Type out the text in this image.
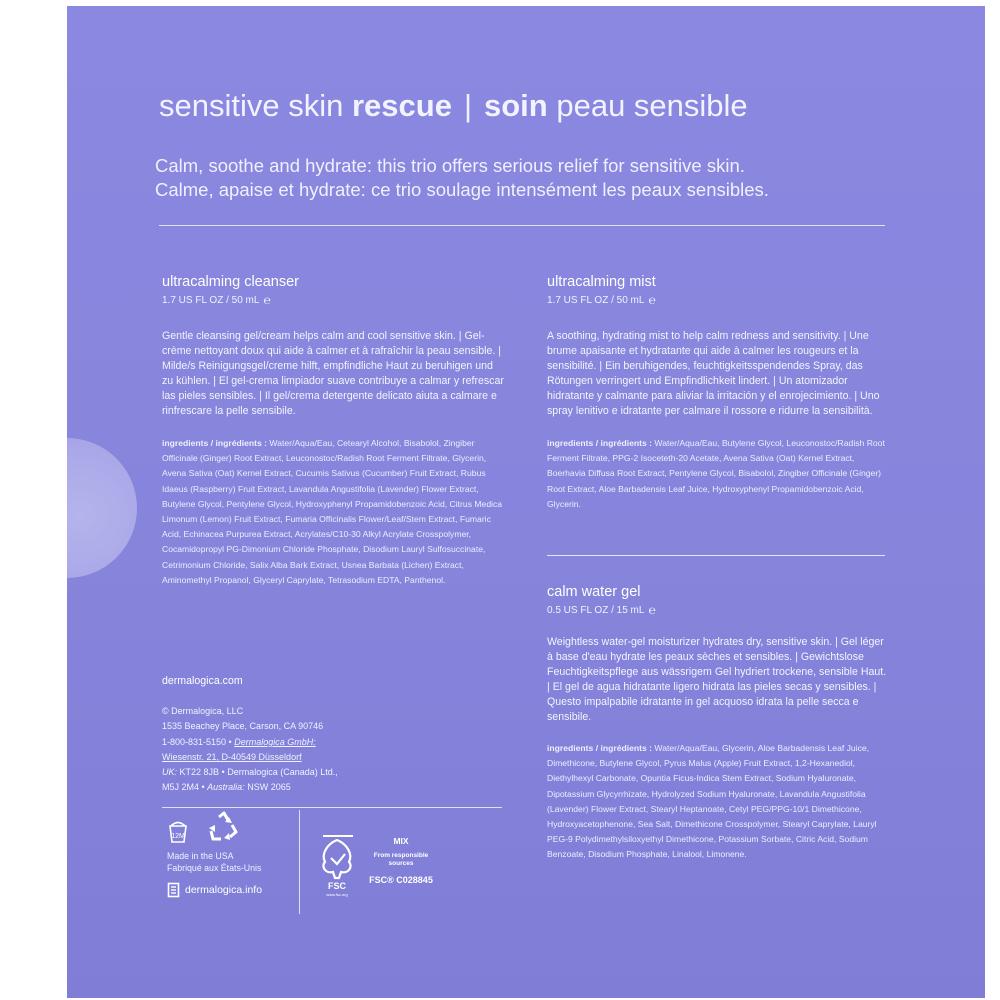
sensitive skin rescue | soin peau sensible
Calm, soothe and hydrate: this trio offers serious relief for sensitive skin.
Calme, apaise et hydrate: ce trio soulage intensément les peaux sensibles.
ultracalming cleanser
1.7 US FL OZ / 50 mL ℮
Gentle cleansing gel/cream helps calm and cool sensitive skin. | Gel-crème nettoyant doux qui aide à calmer et à rafraîchir la peau sensible. | Milde/s Reinigungsgel/creme hilft, empfindliche Haut zu beruhigen und zu kühlen. | El gel-crema limpiador suave contribuye a calmar y refrescar las pieles sensibles. | Il gel/crema detergente delicato aiuta a calmare e rinfrescare la pelle sensibile.
ingredients / ingrédients : Water/Aqua/Eau, Cetearyl Alcohol, Bisabolol, Zingiber Officinale (Ginger) Root Extract, Leuconostoc/Radish Root Ferment Filtrate, Glycerin, Avena Sativa (Oat) Kernel Extract, Cucumis Sativus (Cucumber) Fruit Extract, Rubus Idaeus (Raspberry) Fruit Extract, Lavandula Angustifolia (Lavender) Flower Extract, Butylene Glycol, Pentylene Glycol, Hydroxyphenyl Propamidobenzoic Acid, Citrus Medica Limonum (Lemon) Fruit Extract, Fumaria Officinalis Flower/Leaf/Stem Extract, Fumaric Acid, Echinacea Purpurea Extract, Acrylates/C10-30 Alkyl Acrylate Crosspolymer, Cocamidopropyl PG-Dimonium Chloride Phosphate, Disodium Lauryl Sulfosuccinate, Cetrimonium Chloride, Salix Alba Bark Extract, Usnea Barbata (Lichen) Extract, Aminomethyl Propanol, Glyceryl Caprylate, Tetrasodium EDTA, Panthenol.
ultracalming mist
1.7 US FL OZ / 50 mL ℮
A soothing, hydrating mist to help calm redness and sensitivity. | Une brume apaisante et hydratante qui aide à calmer les rougeurs et la sensibilité. | Ein beruhigendes, feuchtigkeitsspendendes Spray, das Rötungen verringert und Empfindlichkeit lindert. | Un atomizador hidratante y calmante para aliviar la irritación y el enrojecimiento. | Uno spray lenitivo e idratante per calmare il rossore e ridurre la sensibilità.
ingredients / ingrédients : Water/Aqua/Eau, Butylene Glycol, Leuconostoc/Radish Root Ferment Filtrate, PPG-2 Isoceteth-20 Acetate, Avena Sativa (Oat) Kernel Extract, Boerhavia Diffusa Root Extract, Pentylene Glycol, Bisabolol, Zingiber Officinale (Ginger) Root Extract, Aloe Barbadensis Leaf Juice, Hydroxyphenyl Propamidobenzoic Acid, Glycerin.
calm water gel
0.5 US FL OZ / 15 mL ℮
Weightless water-gel moisturizer hydrates dry, sensitive skin. | Gel léger à base d'eau hydrate les peaux sèches et sensibles. | Gewichtslose Feuchtigkeitspflege aus wässrigem Gel hydriert trockene, sensible Haut. | El gel de agua hidratante ligero hidrata las pieles secas y sensibles. | Questo impalpabile idratante in gel acquoso idrata la pelle secca e sensibile.
ingredients / ingrédients : Water/Aqua/Eau, Glycerin, Aloe Barbadensis Leaf Juice, Dimethicone, Butylene Glycol, Pyrus Malus (Apple) Fruit Extract, 1,2-Hexanediol, Diethylhexyl Carbonate, Opuntia Ficus-Indica Stem Extract, Sodium Hyaluronate, Dipotassium Glycyrrhizate, Hydrolyzed Sodium Hyaluronate, Lavandula Angustifolia (Lavender) Flower Extract, Stearyl Heptanoate, Cetyl PEG/PPG-10/1 Dimethicone, Hydroxyacetophenone, Sea Salt, Dimethicone Crosspolymer, Stearyl Caprylate, Lauryl PEG-9 Polydimethylsiloxyethyl Dimethicone, Potassium Sorbate, Citric Acid, Sodium Benzoate, Disodium Phosphate, Linalool, Limonene.
dermalogica.com
© Dermalogica, LLC
1535 Beachey Place, Carson, CA 90746
1-800-831-5150 • Dermalogica GmbH:
Wiesenstr. 21, D-40549 Düsseldorf
UK: KT22 8JB • Dermalogica (Canada) Ltd.,
M5J 2M4 • Australia: NSW 2065
12M
Made in the USA
Fabriqué aux États-Unis
dermalogica.info	FSC
www.fsc.org
MIX
From responsible sources
FSC® C028845
